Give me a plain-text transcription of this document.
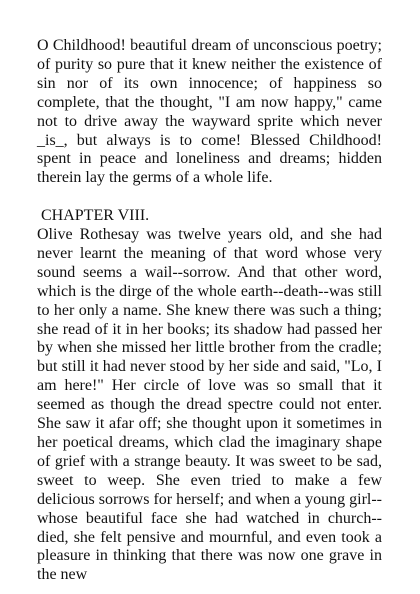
O Childhood! beautiful dream of unconscious poetry; of purity so pure that it knew neither the existence of sin nor of its own innocence; of happiness so complete, that the thought, "I am now happy," came not to drive away the wayward sprite which never _is_, but always is to come! Blessed Childhood! spent in peace and loneliness and dreams; hidden therein lay the germs of a whole life.

CHAPTER VIII.

Olive Rothesay was twelve years old, and she had never learnt the meaning of that word whose very sound seems a wail--sorrow. And that other word, which is the dirge of the whole earth--death--was still to her only a name. She knew there was such a thing; she read of it in her books; its shadow had passed her by when she missed her little brother from the cradle; but still it had never stood by her side and said, "Lo, I am here!" Her circle of love was so small that it seemed as though the dread spectre could not enter. She saw it afar off; she thought upon it sometimes in her poetical dreams, which clad the imaginary shape of grief with a strange beauty. It was sweet to be sad, sweet to weep. She even tried to make a few delicious sorrows for herself; and when a young girl--whose beautiful face she had watched in church--died, she felt pensive and mournful, and even took a pleasure in thinking that there was now one grave in the new
